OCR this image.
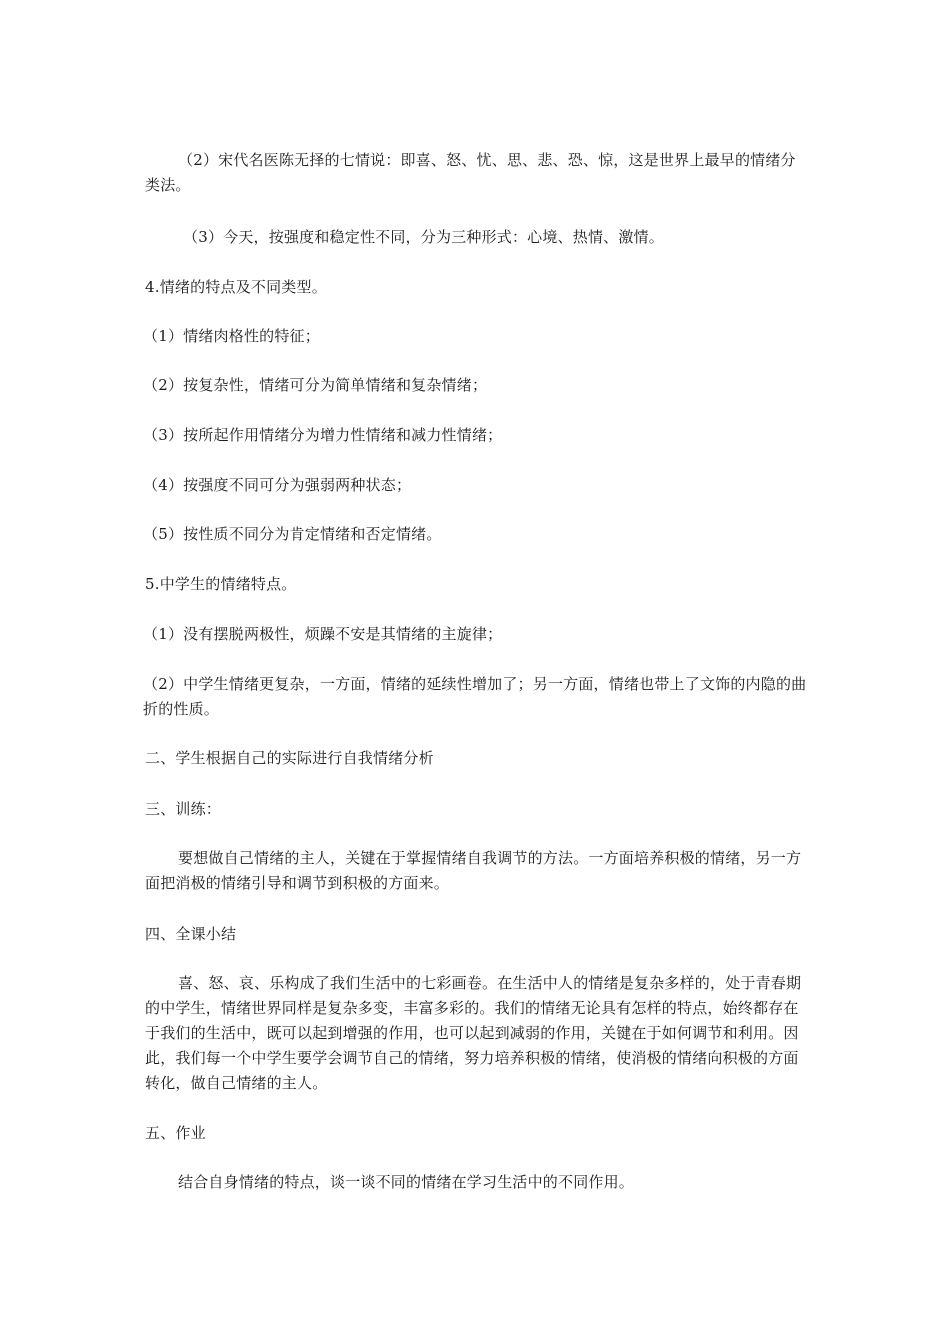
（2）宋代名医陈无择的七情说：即喜、怒、忧、思、悲、恐、惊，这是世界上最早的情绪分类法。

（3）今天，按强度和稳定性不同，分为三种形式：心境、热情、激情。

4.情绪的特点及不同类型。

（1）情绪肉格性的特征；

（2）按复杂性，情绪可分为简单情绪和复杂情绪；

（3）按所起作用情绪分为增力性情绪和减力性情绪；

（4）按强度不同可分为强弱两种状态；

（5）按性质不同分为肯定情绪和否定情绪。

5.中学生的情绪特点。

（1）没有摆脱两极性，烦躁不安是其情绪的主旋律；

（2）中学生情绪更复杂，一方面，情绪的延续性增加了；另一方面，情绪也带上了文饰的内隐的曲折的性质。

二、学生根据自己的实际进行自我情绪分析

三、训练：

要想做自己情绪的主人，关键在于掌握情绪自我调节的方法。一方面培养积极的情绪，另一方面把消极的情绪引导和调节到积极的方面来。

四、全课小结

喜、怒、哀、乐构成了我们生活中的七彩画卷。在生活中人的情绪是复杂多样的，处于青春期的中学生，情绪世界同样是复杂多变，丰富多彩的。我们的情绪无论具有怎样的特点，始终都存在于我们的生活中，既可以起到增强的作用，也可以起到减弱的作用，关键在于如何调节和利用。因此，我们每一个中学生要学会调节自己的情绪，努力培养积极的情绪，使消极的情绪向积极的方面转化，做自己情绪的主人。

五、作业

结合自身情绪的特点，谈一谈不同的情绪在学习生活中的不同作用。
